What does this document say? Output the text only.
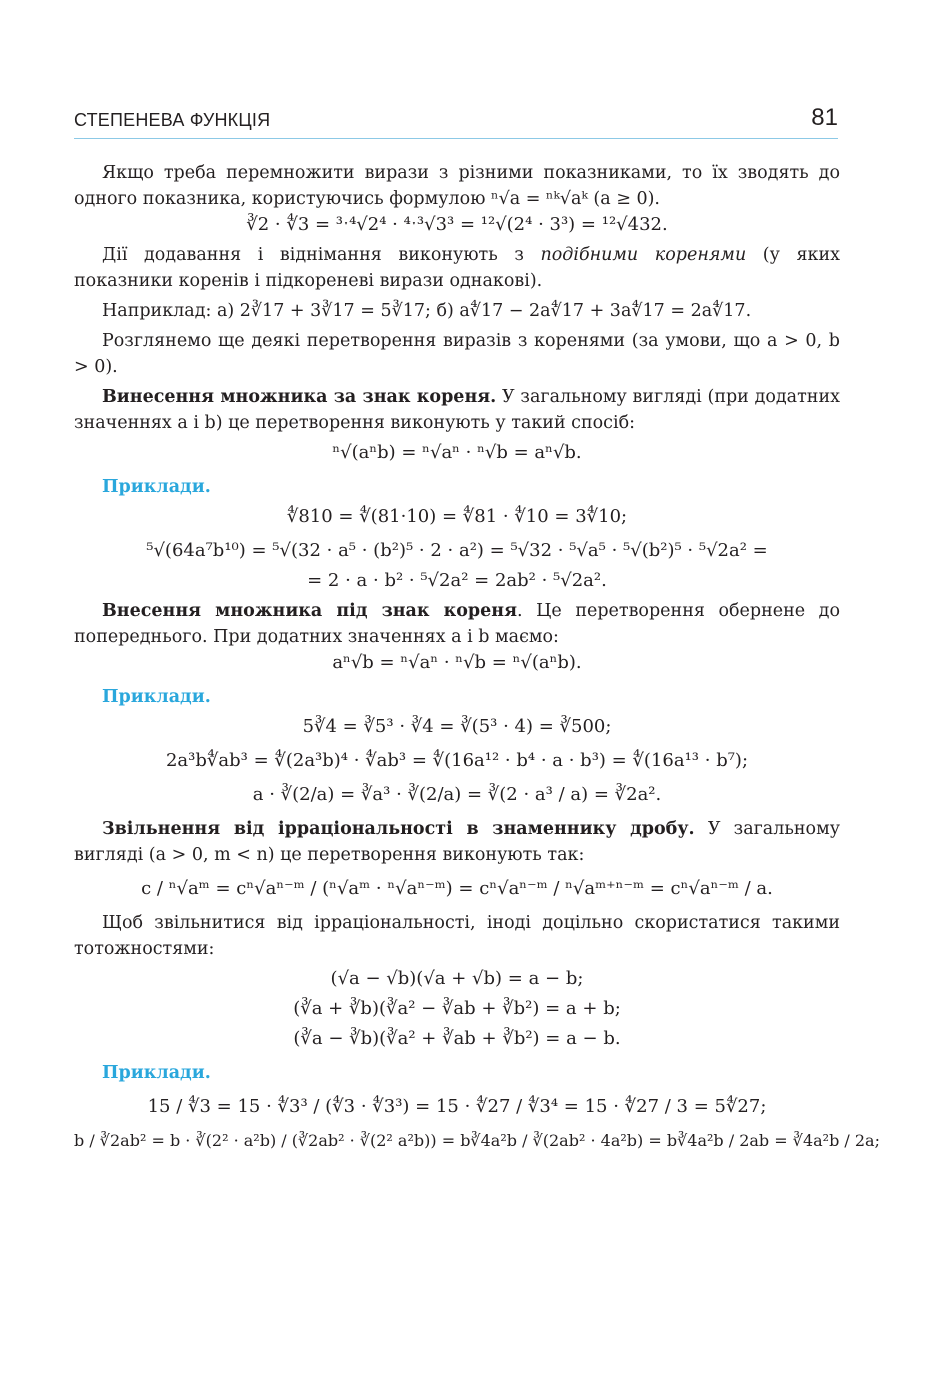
СТЕПЕНЕВА ФУНКЦІЯ	81

Якщо треба перемножити вирази з різними показниками, то їх зводять до одного показника, користуючись формулою ⁿ√a = ⁿᵏ√aᵏ (a ≥ 0).

∛2 · ∜3 = ³ˑ⁴√2⁴ · ⁴ˑ³√3³ = ¹²√(2⁴ · 3³) = ¹²√432.

Дії додавання і віднімання виконують з подібними коренями (у яких показники коренів і підкореневі вирази однакові).

Наприклад: а) 2∛17 + 3∛17 = 5∛17; б) a∜17 − 2a∜17 + 3a∜17 = 2a∜17.

Розглянемо ще деякі перетворення виразів з коренями (за умови, що a > 0, b > 0).

Винесення множника за знак кореня. У загальному вигляді (при додатних значеннях a і b) це перетворення виконують у такий спосіб:

ⁿ√(aⁿb) = ⁿ√aⁿ · ⁿ√b = aⁿ√b.

Приклади.

∜810 = ∜(81·10) = ∜81 · ∜10 = 3∜10;

⁵√(64a⁷b¹⁰) = ⁵√(32 · a⁵ · (b²)⁵ · 2 · a²) = ⁵√32 · ⁵√a⁵ · ⁵√(b²)⁵ · ⁵√2a² =

= 2 · a · b² · ⁵√2a² = 2ab² · ⁵√2a².

Внесення множника під знак кореня. Це перетворення обернене до попереднього. При додатних значеннях a і b маємо:

aⁿ√b = ⁿ√aⁿ · ⁿ√b = ⁿ√(aⁿb).

Приклади.

5∛4 = ∛5³ · ∛4 = ∛(5³ · 4) = ∛500;

2a³b∜ab³ = ∜(2a³b)⁴ · ∜ab³ = ∜(16a¹² · b⁴ · a · b³) = ∜(16a¹³ · b⁷);

a · ∛(2/a) = ∛a³ · ∛(2/a) = ∛(2 · a³ / a) = ∛2a².

Звільнення від ірраціональності в знаменнику дробу. У загальному вигляді (a > 0, m < n) це перетворення виконують так:

c / ⁿ√aᵐ = cⁿ√aⁿ⁻ᵐ / (ⁿ√aᵐ · ⁿ√aⁿ⁻ᵐ) = cⁿ√aⁿ⁻ᵐ / ⁿ√aᵐ⁺ⁿ⁻ᵐ = cⁿ√aⁿ⁻ᵐ / a.

Щоб звільнитися від ірраціональності, іноді доцільно скористатися такими тотожностями:

(√a − √b)(√a + √b) = a − b;

(∛a + ∛b)(∛a² − ∛ab + ∛b²) = a + b;

(∛a − ∛b)(∛a² + ∛ab + ∛b²) = a − b.

Приклади.

15 / ∜3 = 15 · ∜3³ / (∜3 · ∜3³) = 15 · ∜27 / ∜3⁴ = 15 · ∜27 / 3 = 5∜27;

b / ∛2ab² = b · ∛(2² · a²b) / (∛2ab² · ∛(2² a²b)) = b∛4a²b / ∛(2ab² · 4a²b) = b∛4a²b / 2ab = ∛4a²b / 2a;
